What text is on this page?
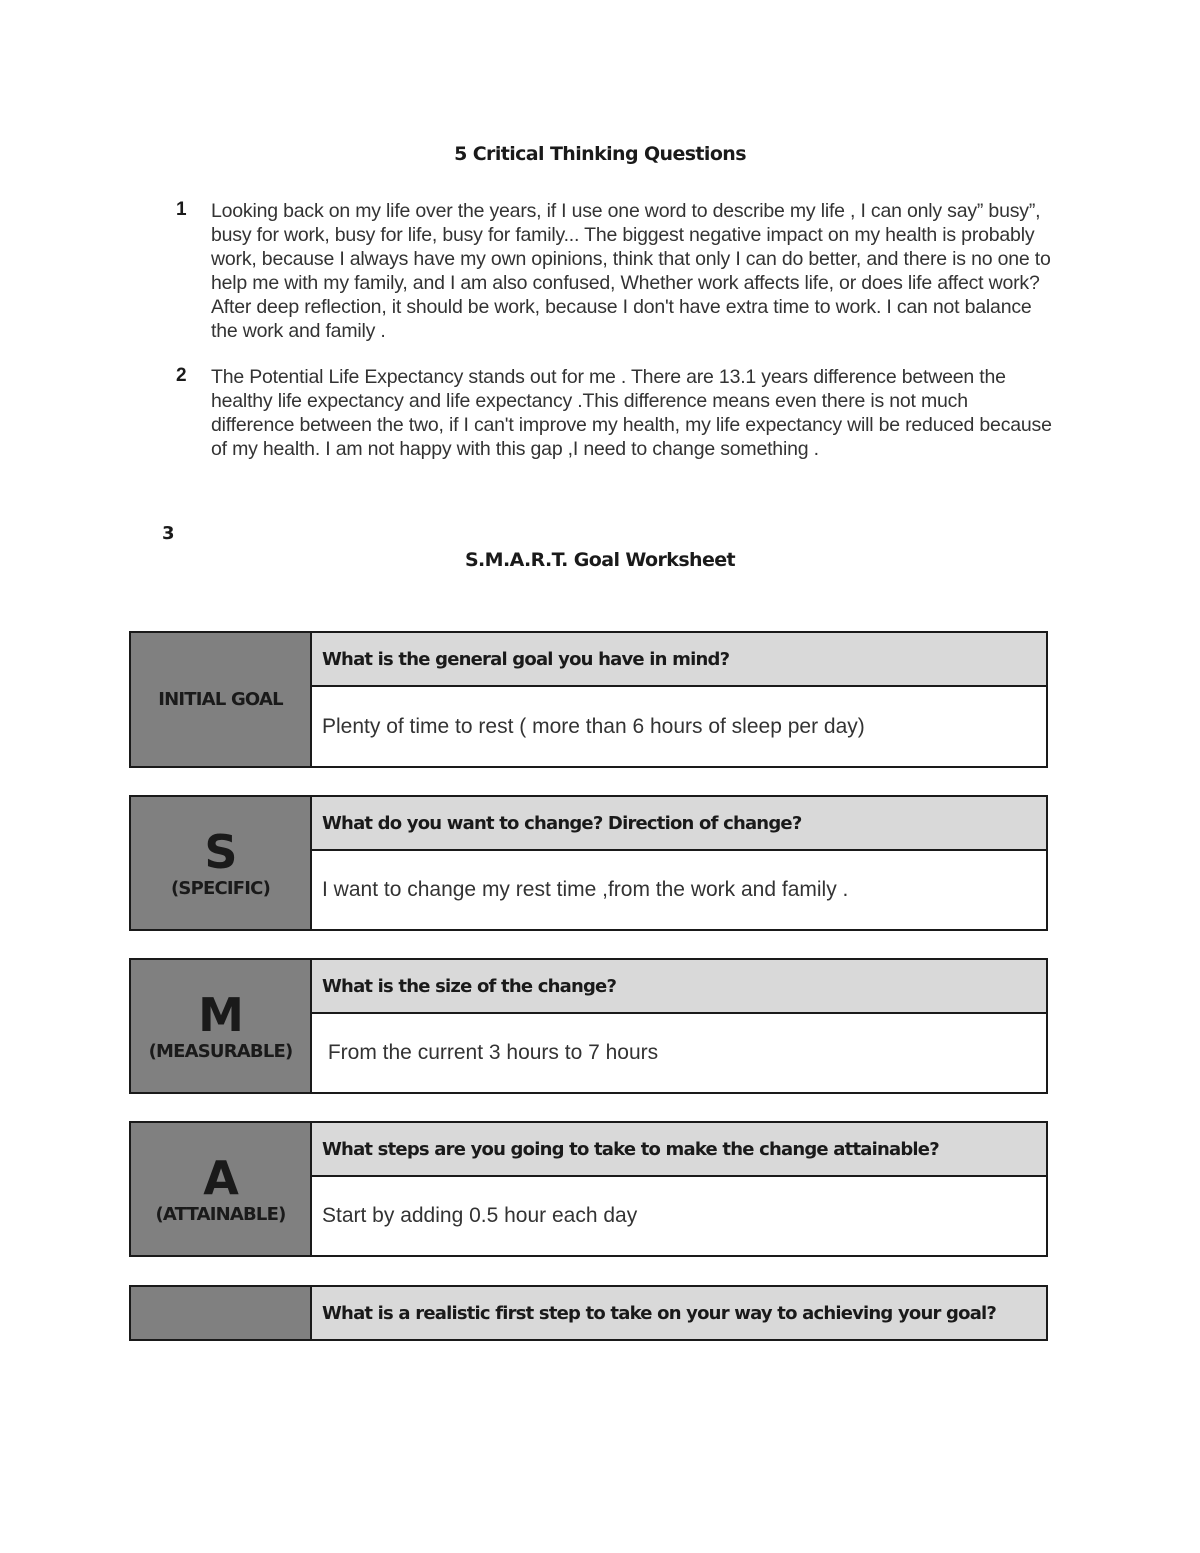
5 Critical Thinking Questions
1 Looking back on my life over the years, if I use one word to describe my life , I can only say” busy”, busy for work, busy for life, busy for family... The biggest negative impact on my health is probably work, because I always have my own opinions, think that only I can do better, and there is no one to help me with my family, and I am also confused, Whether work affects life, or does life affect work? After deep reflection, it should be work, because I don't have extra time to work. I can not balance the work and family .
2 The Potential Life Expectancy stands out for me . There are 13.1 years difference between the healthy life expectancy and life expectancy .This difference means even there is not much difference between the two, if I can't improve my health, my life expectancy will be reduced because of my health. I am not happy with this gap ,I need to change something .
3
S.M.A.R.T. Goal Worksheet
INITIAL GOAL
What is the general goal you have in mind?
Plenty of time to rest ( more than 6 hours of sleep per day)
S
(SPECIFIC)
What do you want to change? Direction of change?
I want to change my rest time ,from the work and family .
M
(MEASURABLE)
What is the size of the change?
From the current 3 hours to 7 hours
A
(ATTAINABLE)
What steps are you going to take to make the change attainable?
Start by adding 0.5 hour each day
What is a realistic first step to take on your way to achieving your goal?
